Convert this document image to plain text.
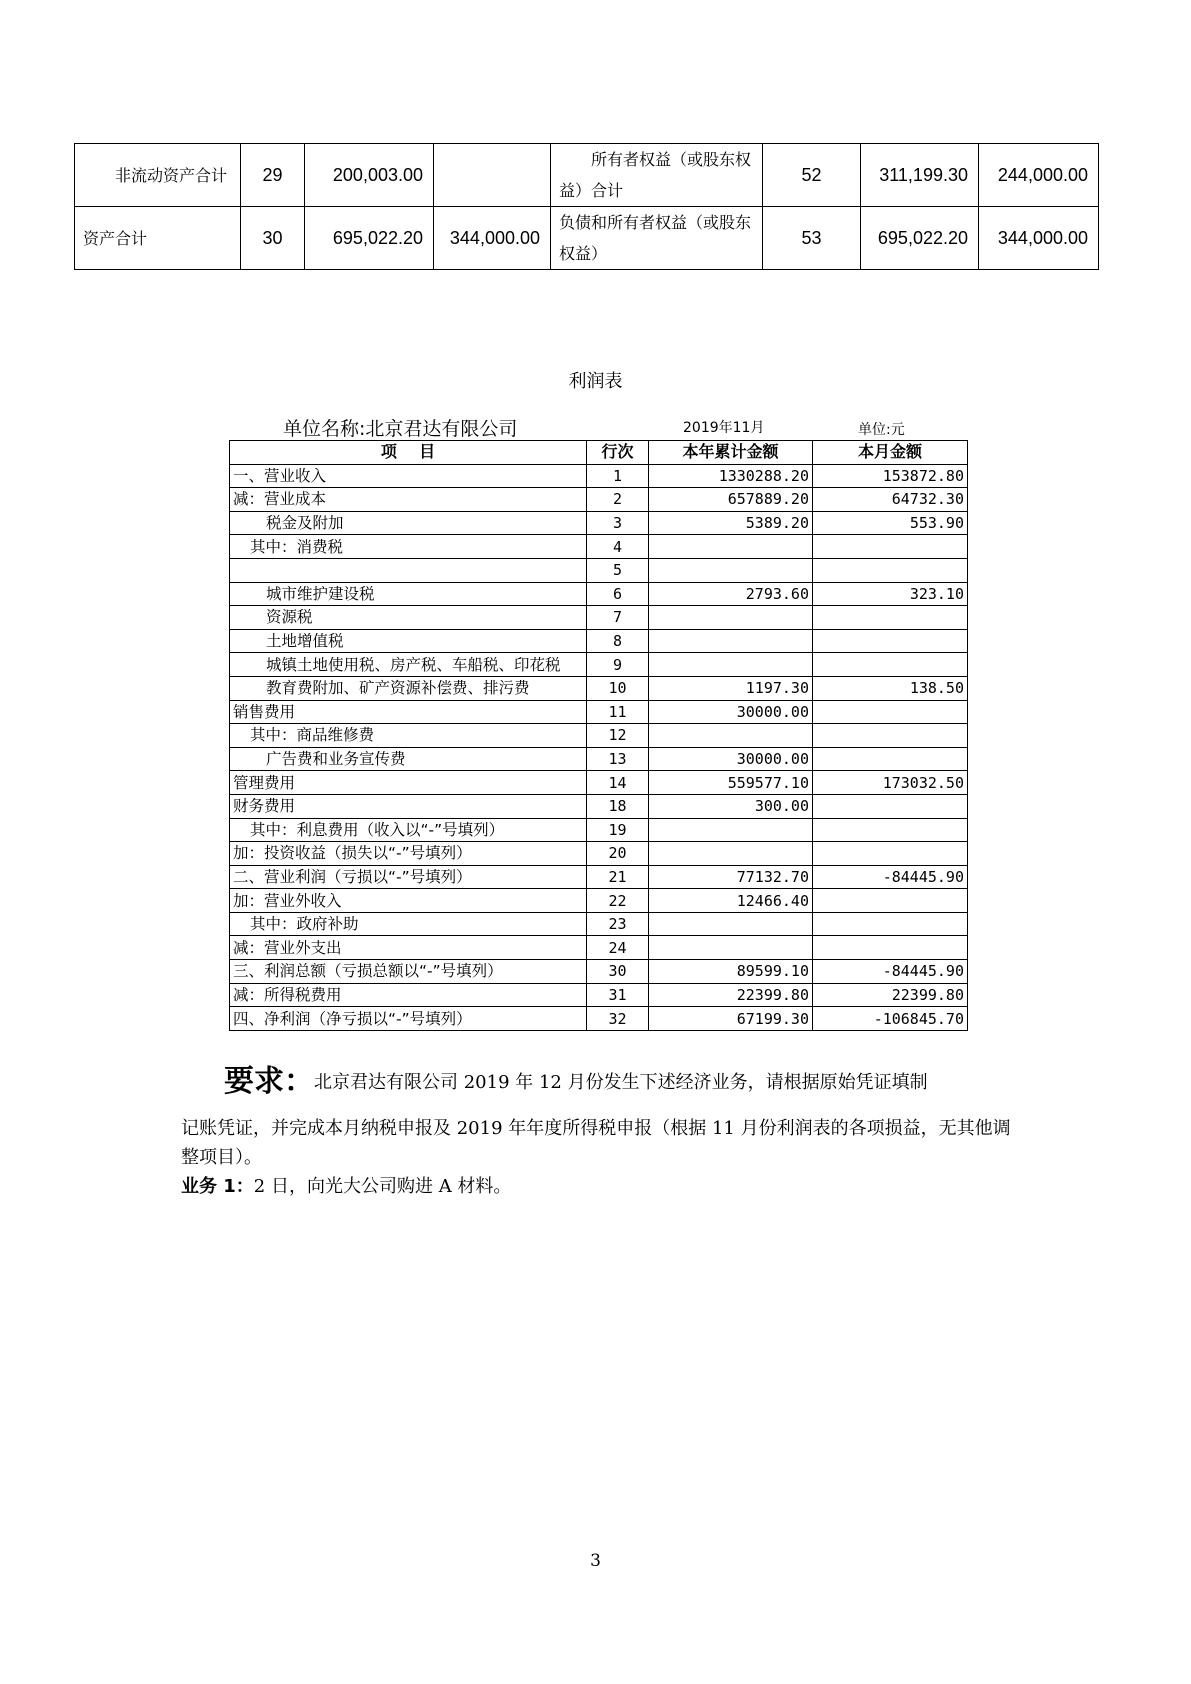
非流动资产合计	29	200,003.00		所有者权益（或股东权益）合计	52	311,199.30	244,000.00
资产合计	30	695,022.20	344,000.00	负债和所有者权益（或股东权益）	53	695,022.20	344,000.00
利润表
单位名称:北京君达有限公司	2019年11月	单位:元
项    目	行次	本年累计金额	本月金额
一、营业收入	1	1330288.20	153872.80
减：营业成本	2	657889.20	64732.30
税金及附加	3	5389.20	553.90
其中：消费税	4		
	5		
城市维护建设税	6	2793.60	323.10
资源税	7		
土地增值税	8		
城镇土地使用税、房产税、车船税、印花税	9		
教育费附加、矿产资源补偿费、排污费	10	1197.30	138.50
销售费用	11	30000.00	
其中：商品维修费	12		
广告费和业务宣传费	13	30000.00	
管理费用	14	559577.10	173032.50
财务费用	18	300.00	
其中：利息费用（收入以“-”号填列）	19		
加：投资收益（损失以“-”号填列）	20		
二、营业利润（亏损以“-”号填列）	21	77132.70	-84445.90
加：营业外收入	22	12466.40	
其中：政府补助	23		
减：营业外支出	24		
三、利润总额（亏损总额以“-”号填列）	30	89599.10	-84445.90
减：所得税费用	31	22399.80	22399.80
四、净利润（净亏损以“-”号填列）	32	67199.30	-106845.70

要求：北京君达有限公司 2019 年 12 月份发生下述经济业务，请根据原始凭证填制
记账凭证，并完成本月纳税申报及 2019 年年度所得税申报（根据 11 月份利润表的各项损益，无其他调整项目）。

业务 1：2 日，向光大公司购进 A 材料。

3
